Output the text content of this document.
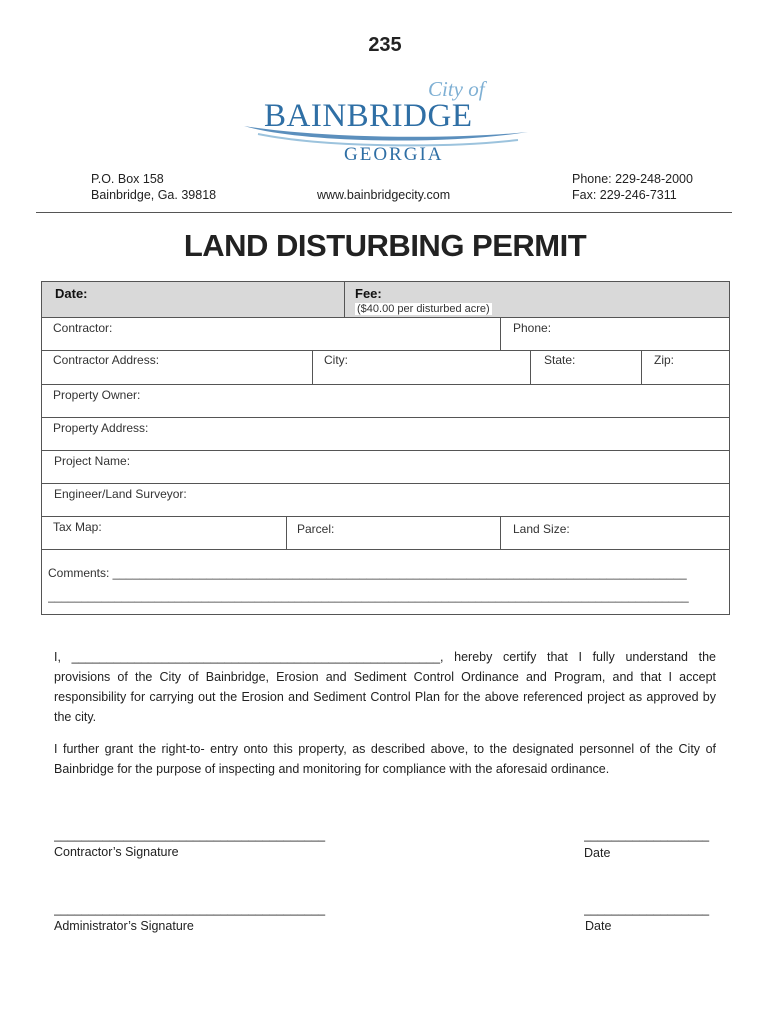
235
City of
BAINBRIDGE
GEORGIA
P.O. Box 158
Bainbridge, Ga. 39818	www.bainbridgecity.com
Phone: 229-248-2000
Fax: 229-246-7311
LAND DISTURBING PERMIT
Date:	Fee:
($40.00 per disturbed acre)
Contractor:	Phone:
Contractor Address:	City:	State:	Zip:
Property Owner:
Property Address:
Project Name:
Engineer/Land Surveyor:
Tax Map:	Parcel:	Land Size:
Comments: ______________________________________________________________________________________
________________________________________________________________________________________________
I, _____________________________________________________, hereby certify that I fully understand the provisions of the City of Bainbridge, Erosion and Sediment Control Ordinance and Program, and that I accept responsibility for carrying out the Erosion and Sediment Control Plan for the above referenced project as approved by the city.
I further grant the right-to- entry onto this property, as described above, to the designated personnel of the City of Bainbridge for the purpose of inspecting and monitoring for compliance with the aforesaid ordinance.
_______________________________________
Contractor’s Signature
__________________
Date
_______________________________________
Administrator’s Signature
__________________
Date
